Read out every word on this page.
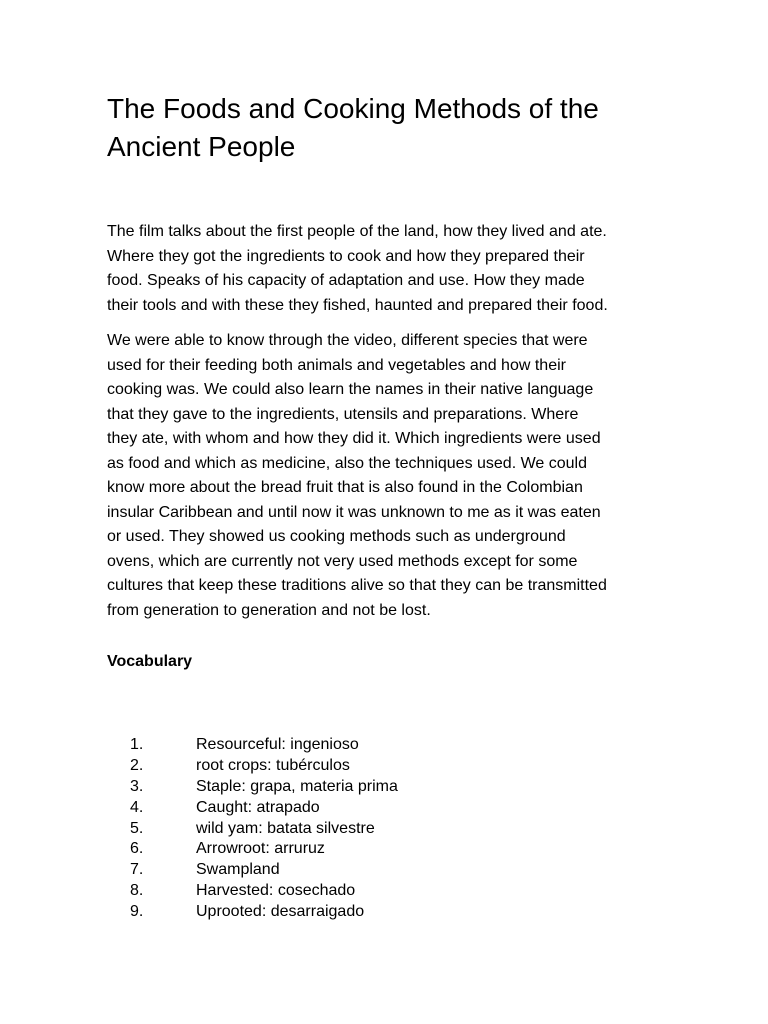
The Foods and Cooking Methods of the
Ancient People

The film talks about the first people of the land, how they lived and ate.
Where they got the ingredients to cook and how they prepared their
food. Speaks of his capacity of adaptation and use. How they made
their tools and with these they fished, haunted and prepared their food.

We were able to know through the video, different species that were
used for their feeding both animals and vegetables and how their
cooking was. We could also learn the names in their native language
that they gave to the ingredients, utensils and preparations. Where
they ate, with whom and how they did it. Which ingredients were used
as food and which as medicine, also the techniques used. We could
know more about the bread fruit that is also found in the Colombian
insular Caribbean and until now it was unknown to me as it was eaten
or used. They showed us cooking methods such as underground
ovens, which are currently not very used methods except for some
cultures that keep these traditions alive so that they can be transmitted
from generation to generation and not be lost.

Vocabulary
1.	Resourceful: ingenioso
2.	root crops: tubérculos
3.	Staple: grapa, materia prima
4.	Caught: atrapado
5.	wild yam: batata silvestre
6.	Arrowroot: arruruz
7.	Swampland
8.	Harvested: cosechado
9.	Uprooted: desarraigado
